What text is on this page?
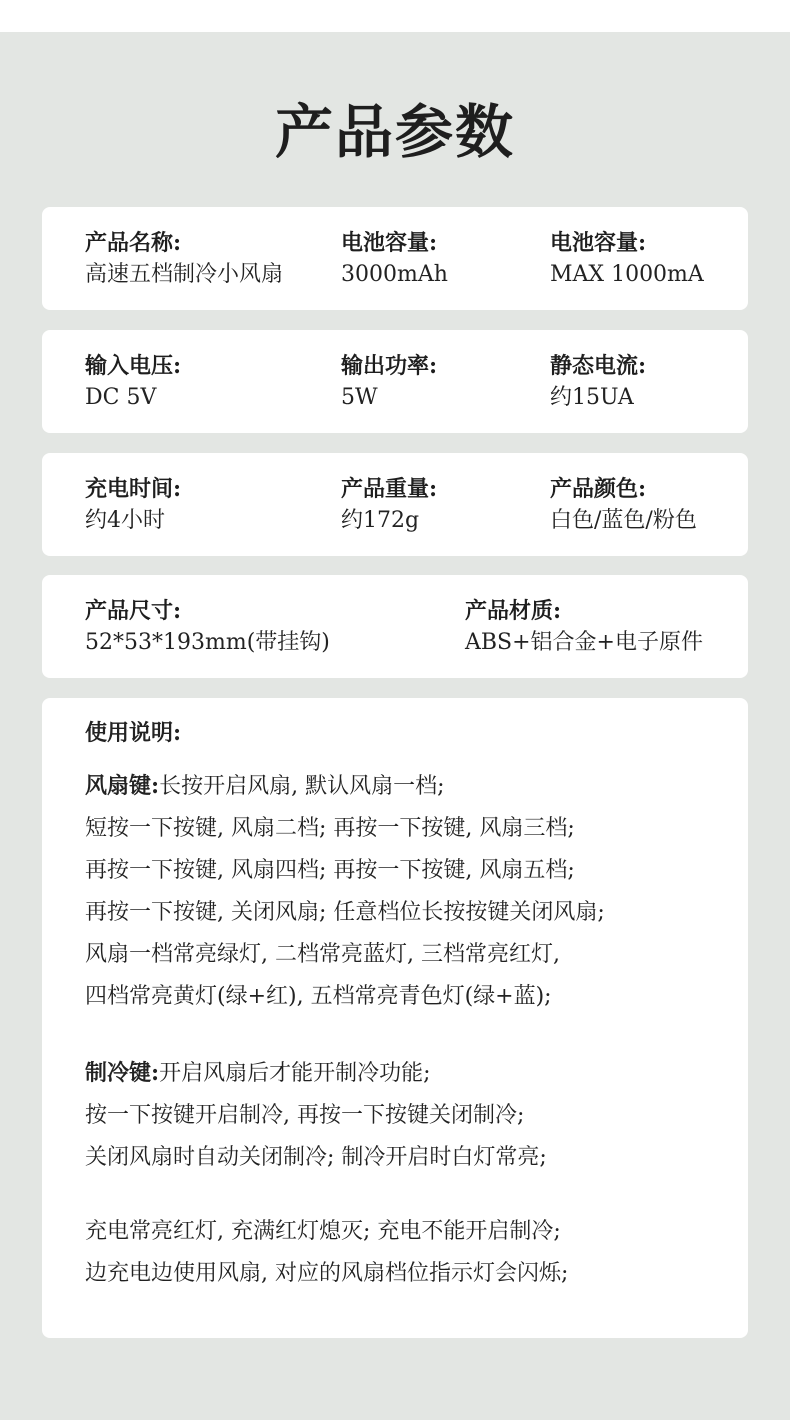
产品参数
产品名称:
高速五档制冷小风扇
电池容量:
3000mAh
电池容量:
MAX 1000mA
输入电压:
DC 5V
输出功率:
5W
静态电流:
约15UA
充电时间:
约4小时
产品重量:
约172g
产品颜色:
白色/蓝色/粉色
产品尺寸:
52*53*193mm(带挂钩)
产品材质:
ABS+铝合金+电子原件
使用说明:
风扇键:长按开启风扇, 默认风扇一档;
短按一下按键, 风扇二档; 再按一下按键, 风扇三档;
再按一下按键, 风扇四档; 再按一下按键, 风扇五档;
再按一下按键, 关闭风扇; 任意档位长按按键关闭风扇;
风扇一档常亮绿灯, 二档常亮蓝灯, 三档常亮红灯,
四档常亮黄灯(绿+红), 五档常亮青色灯(绿+蓝);
制冷键:开启风扇后才能开制冷功能;
按一下按键开启制冷, 再按一下按键关闭制冷;
关闭风扇时自动关闭制冷; 制冷开启时白灯常亮;
充电常亮红灯, 充满红灯熄灭; 充电不能开启制冷;
边充电边使用风扇, 对应的风扇档位指示灯会闪烁;
